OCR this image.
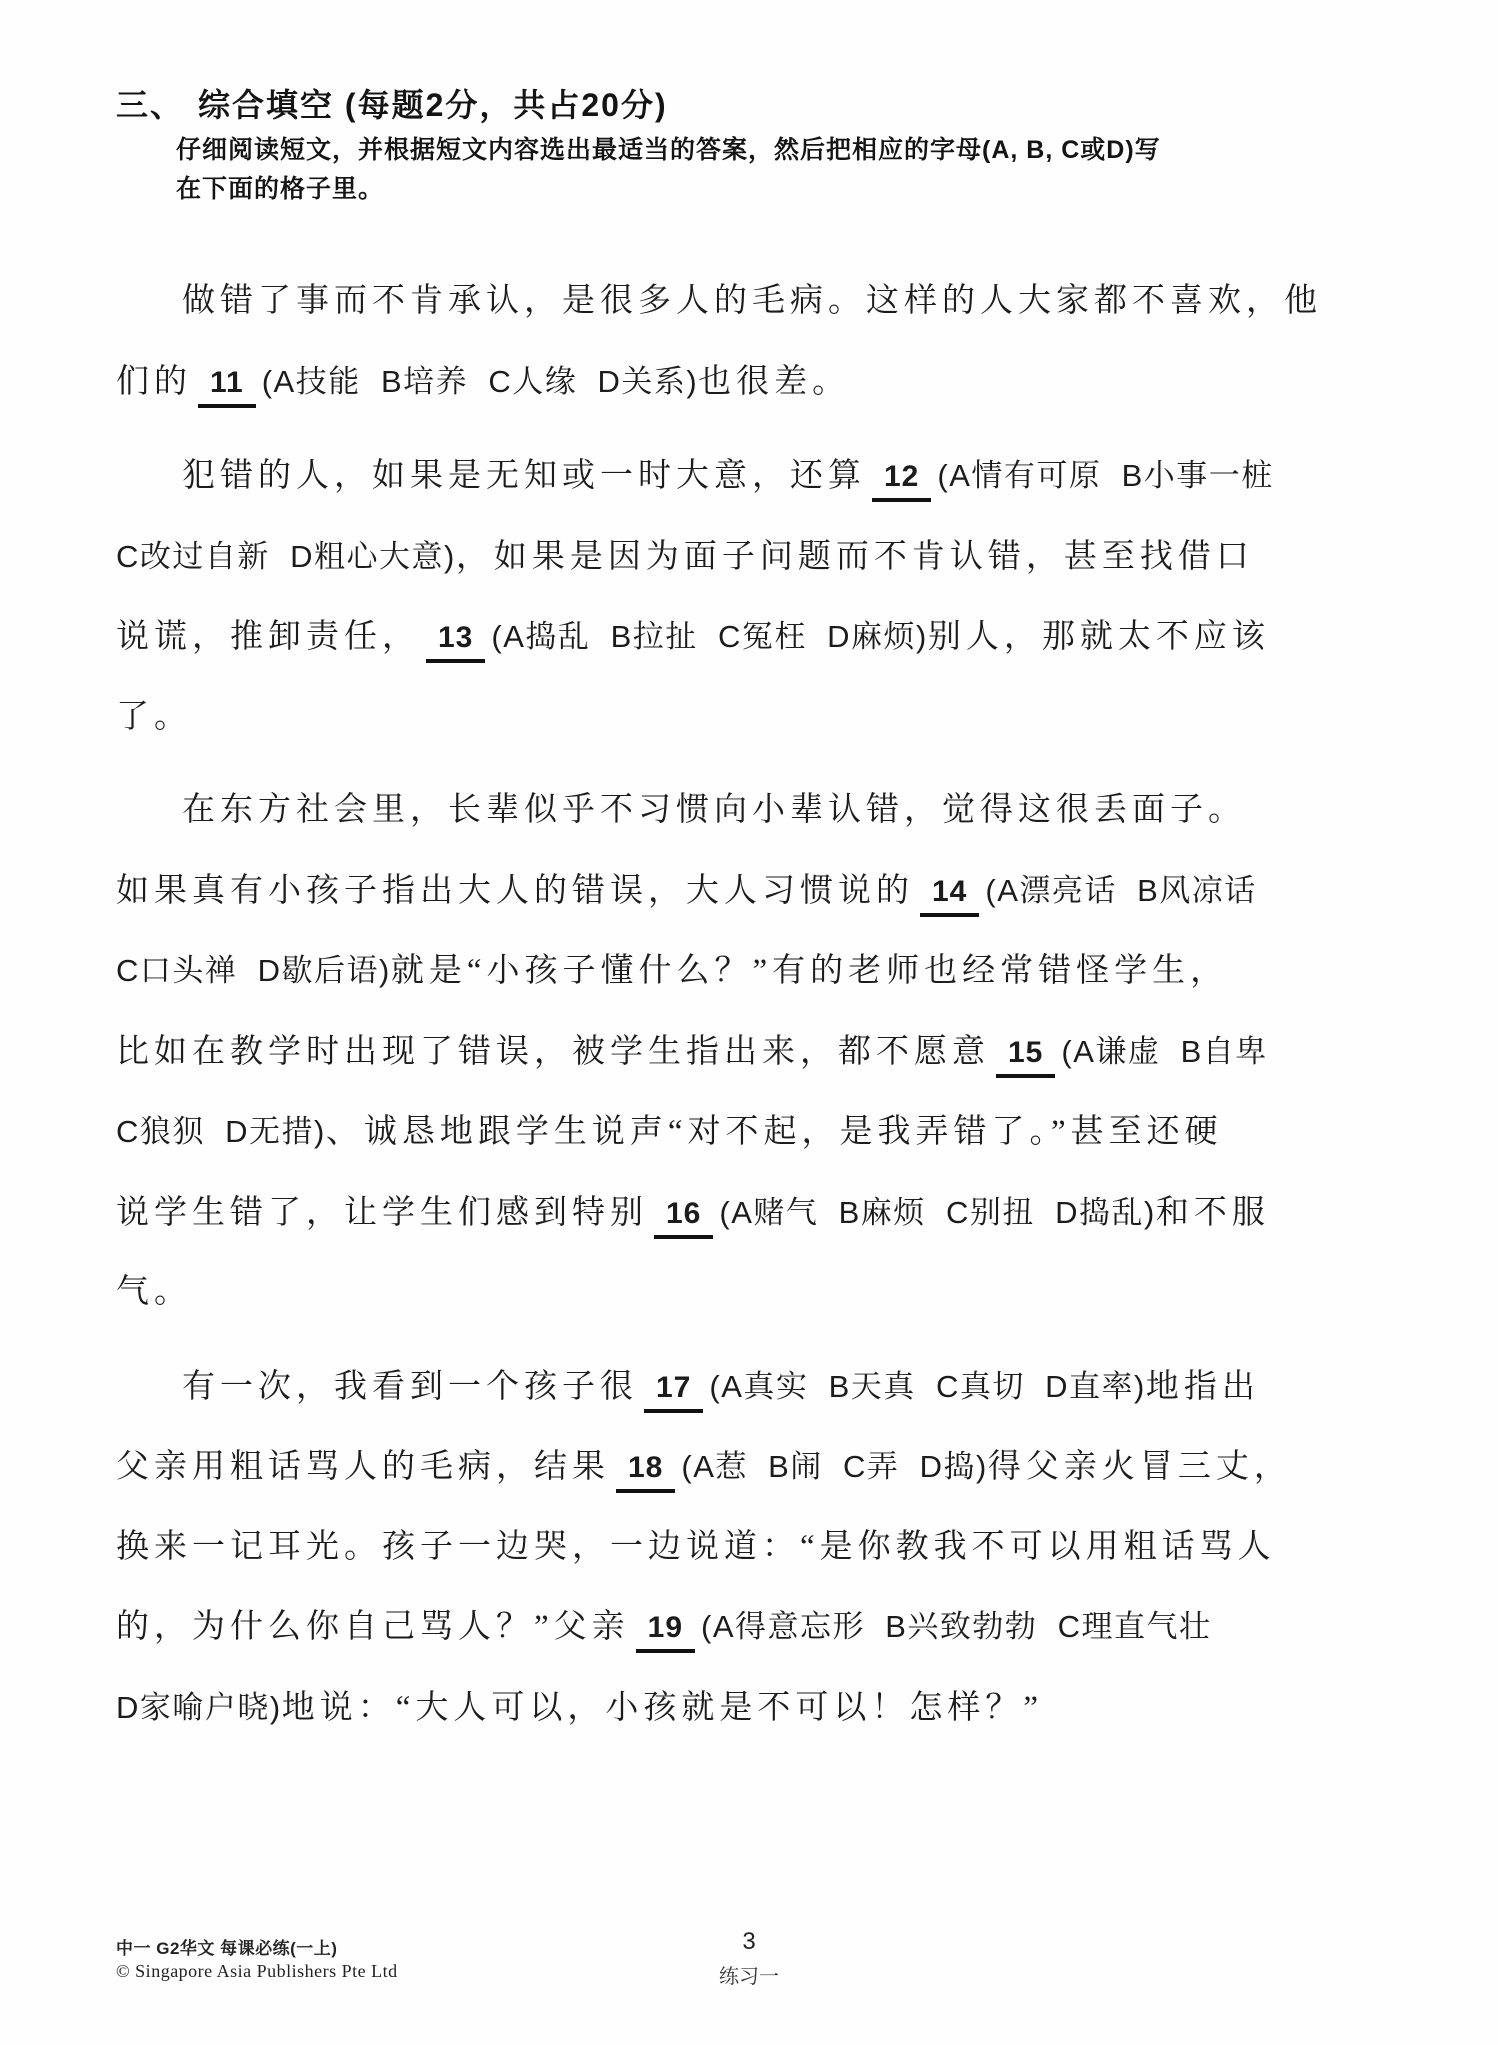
三、 综合填空 (每题2分，共占20分)
仔细阅读短文，并根据短文内容选出最适当的答案，然后把相应的字母(A, B, C或D)写
在下面的格子里。
做错了事而不肯承认，是很多人的毛病。这样的人大家都不喜欢，他
们的 11 (A技能  B培养  C人缘  D关系)也很差。
犯错的人，如果是无知或一时大意，还算 12 (A情有可原  B小事一桩
C改过自新  D粗心大意)，如果是因为面子问题而不肯认错，甚至找借口
说谎，推卸责任， 13 (A捣乱  B拉扯  C冤枉  D麻烦)别人，那就太不应该
了。
在东方社会里，长辈似乎不习惯向小辈认错，觉得这很丢面子。
如果真有小孩子指出大人的错误，大人习惯说的 14 (A漂亮话  B风凉话
C口头禅  D歇后语)就是“小孩子懂什么？”有的老师也经常错怪学生，
比如在教学时出现了错误，被学生指出来，都不愿意 15 (A谦虚  B自卑
C狼狈  D无措)、诚恳地跟学生说声“对不起，是我弄错了。”甚至还硬
说学生错了，让学生们感到特别 16 (A赌气  B麻烦  C别扭  D捣乱)和不服
气。
有一次，我看到一个孩子很 17 (A真实  B天真  C真切  D直率)地指出
父亲用粗话骂人的毛病，结果 18 (A惹  B闹  C弄  D捣)得父亲火冒三丈，
换来一记耳光。孩子一边哭，一边说道：“是你教我不可以用粗话骂人
的，为什么你自己骂人？”父亲 19 (A得意忘形  B兴致勃勃  C理直气壮
D家喻户晓)地说：“大人可以，小孩就是不可以！怎样？”
中一 G2华文 每课必练(一上)
© Singapore Asia Publishers Pte Ltd
3
练习一
